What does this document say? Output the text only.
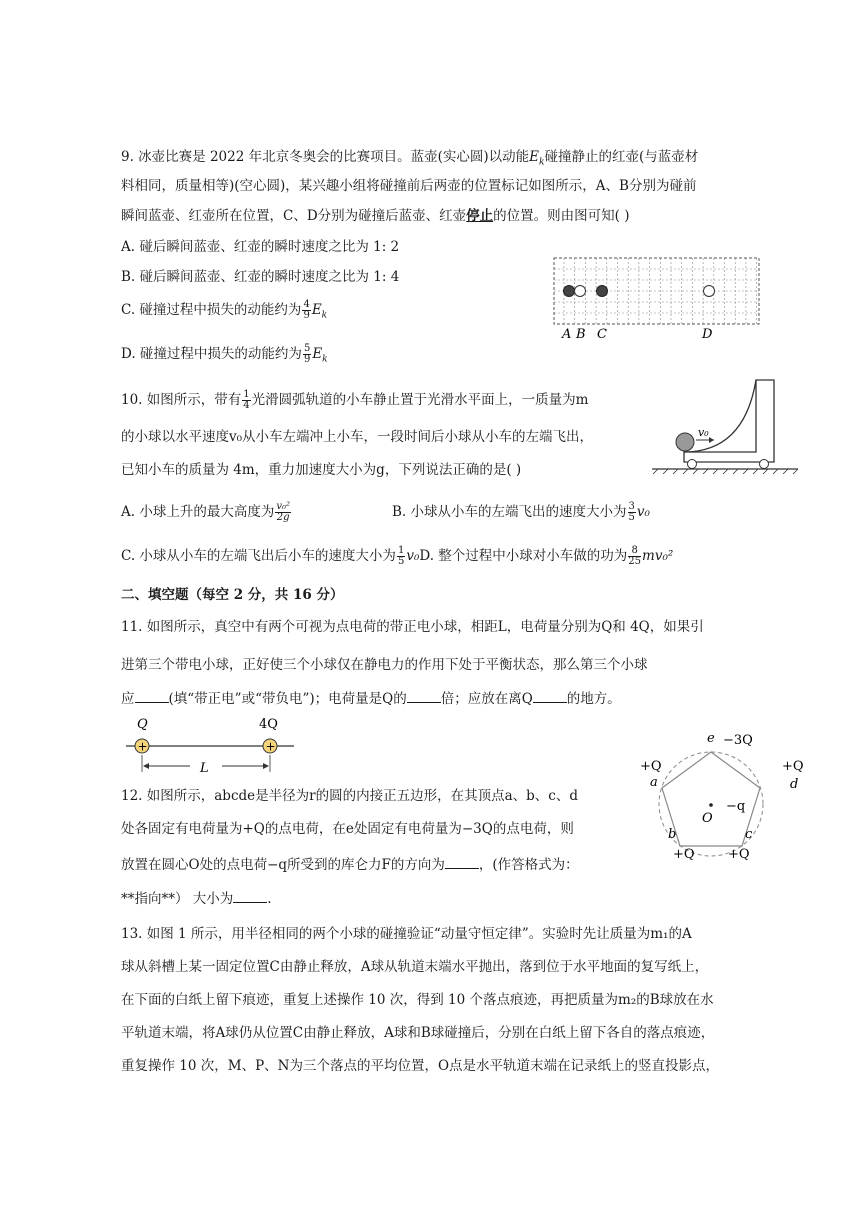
9. 冰壶比赛是 2022 年北京冬奥会的比赛项目。蓝壶(实心圆)以动能$E_k$碰撞静止的红壶(与蓝壶材
料相同，质量相等)(空心圆)，某兴趣小组将碰撞前后两壶的位置标记如图所示，A、B分别为碰前
瞬间蓝壶、红壶所在位置，C、D分别为碰撞后蓝壶、红壶停止的位置。则由图可知( )
A. 碰后瞬间蓝壶、红壶的瞬时速度之比为 1: 2
B. 碰后瞬间蓝壶、红壶的瞬时速度之比为 1: 4
C. 碰撞过程中损失的动能约为 $\frac{4}{9} E_k$
D. 碰撞过程中损失的动能约为 $\frac{5}{9} E_k$
A B C	D
10. 如图所示，带有 $\frac{1}{4}$ 光滑圆弧轨道的小车静止置于光滑水平面上，一质量为m
的小球以水平速度v₀从小车左端冲上小车，一段时间后小球从小车的左端飞出，
已知小车的质量为 4m，重力加速度大小为g，下列说法正确的是( )
v₀
A. 小球上升的最大高度为 $\frac{\text{v₀²}}{2g}$	B. 小球从小车的左端飞出的速度大小为 $\frac{3}{5} v_0$
C. 小球从小车的左端飞出后小车的速度大小为 $\frac{1}{5} v_0D$. 整个过程中小球对小车做的功为 $\frac{8}{25} mv_0^2$
二、填空题（每空 2 分，共 16 分）
11. 如图所示，真空中有两个可视为点电荷的带正电小球，相距L，电荷量分别为Q和 4Q，如果引
进第三个带电小球，正好使三个小球仅在静电力的作用下处于平衡状态，那么第三个小球
应	(填“带正电”或“带负电”)；电荷量是Q的	倍；应放在离Q	的地方。
Q	4Q
+	+
L
12. 如图所示，abcde是半径为r的圆的内接正五边形，在其顶点a、b、c、d
处各固定有电荷量为+Q的点电荷，在e处固定有电荷量为−3Q的点电荷，则
放置在圆心O处的点电荷−q所受到的库仑力F的方向为	，(作答格式为：
**指向**） 大小为	.
e −3Q
+Q
a
+Q
d
b
+Q
c
+Q
O
−q
13. 如图 1 所示，用半径相同的两个小球的碰撞验证“动量守恒定律”。实验时先让质量为m₁的A
球从斜槽上某一固定位置C由静止释放，A球从轨道末端水平抛出，落到位于水平地面的复写纸上，
在下面的白纸上留下痕迹，重复上述操作 10 次，得到 10 个落点痕迹，再把质量为m₂的B球放在水
平轨道末端，将A球仍从位置C由静止释放，A球和B球碰撞后，分别在白纸上留下各自的落点痕迹，
重复操作 10 次，M、P、N为三个落点的平均位置，O点是水平轨道末端在记录纸上的竖直投影点，
